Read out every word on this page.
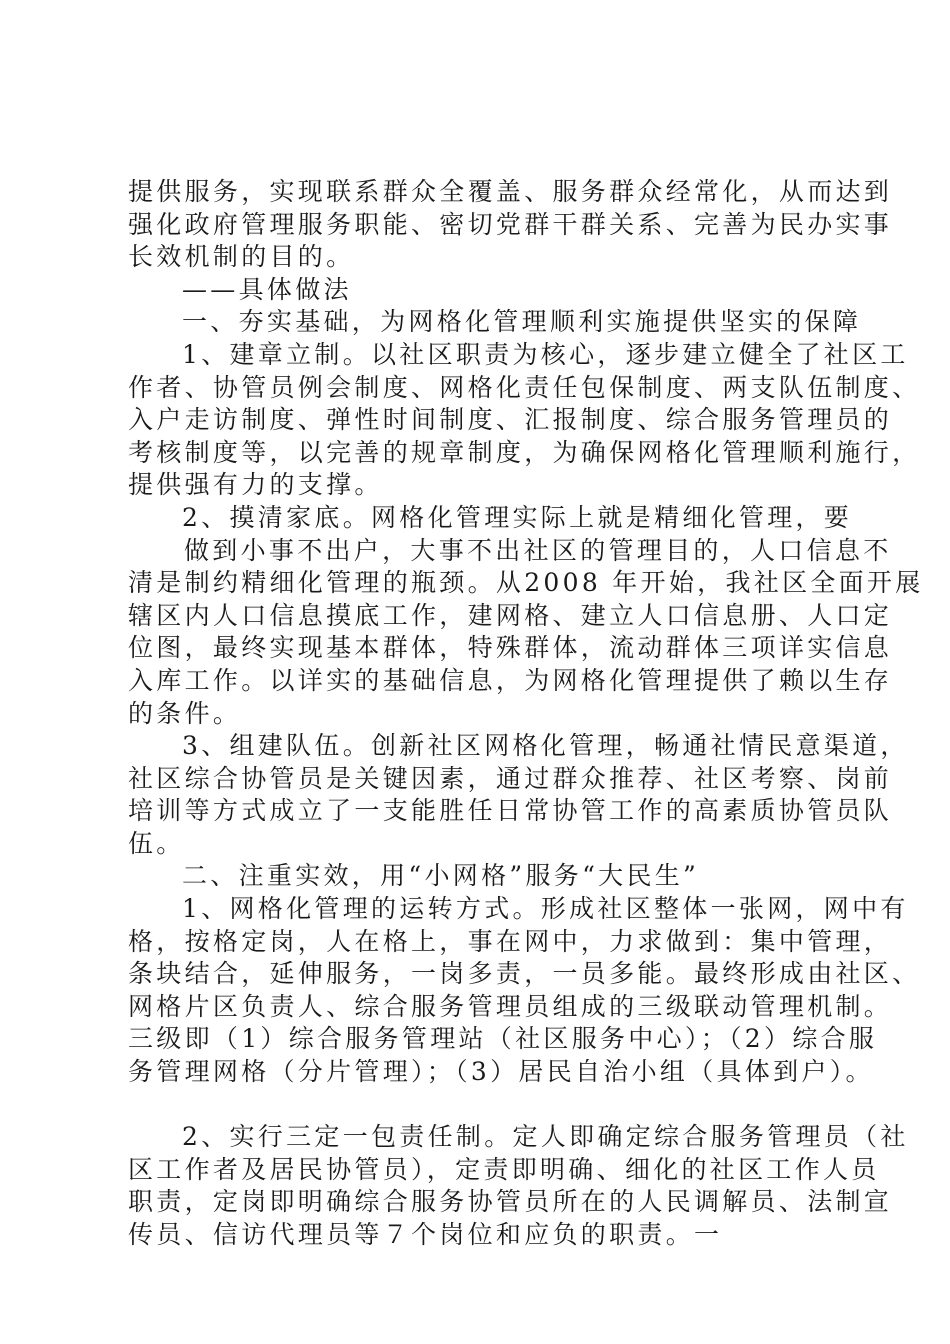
提供服务，实现联系群众全覆盖、服务群众经常化，从而达到
强化政府管理服务职能、密切党群干群关系、完善为民办实事
长效机制的目的。
——具体做法
一、夯实基础，为网格化管理顺利实施提供坚实的保障
1、建章立制。以社区职责为核心，逐步建立健全了社区工
作者、协管员例会制度、网格化责任包保制度、两支队伍制度、
入户走访制度、弹性时间制度、汇报制度、综合服务管理员的
考核制度等，以完善的规章制度，为确保网格化管理顺利施行，
提供强有力的支撑。
2、摸清家底。网格化管理实际上就是精细化管理，要
做到小事不出户，大事不出社区的管理目的，人口信息不
清是制约精细化管理的瓶颈。从2008 年开始，我社区全面开展
辖区内人口信息摸底工作，建网格、建立人口信息册、人口定
位图，最终实现基本群体，特殊群体，流动群体三项详实信息
入库工作。以详实的基础信息，为网格化管理提供了赖以生存
的条件。
3、组建队伍。创新社区网格化管理，畅通社情民意渠道，
社区综合协管员是关键因素，通过群众推荐、社区考察、岗前
培训等方式成立了一支能胜任日常协管工作的高素质协管员队
伍。
二、注重实效，用“小网格”服务“大民生”
1、网格化管理的运转方式。形成社区整体一张网，网中有
格，按格定岗，人在格上，事在网中，力求做到：集中管理，
条块结合，延伸服务，一岗多责，一员多能。最终形成由社区、
网格片区负责人、综合服务管理员组成的三级联动管理机制。
三级即（1）综合服务管理站（社区服务中心）；（2）综合服
务管理网格（分片管理）；（3）居民自治小组（具体到户）。
2、实行三定一包责任制。定人即确定综合服务管理员（社
区工作者及居民协管员），定责即明确、细化的社区工作人员
职责，定岗即明确综合服务协管员所在的人民调解员、法制宣
传员、信访代理员等７个岗位和应负的职责。一
